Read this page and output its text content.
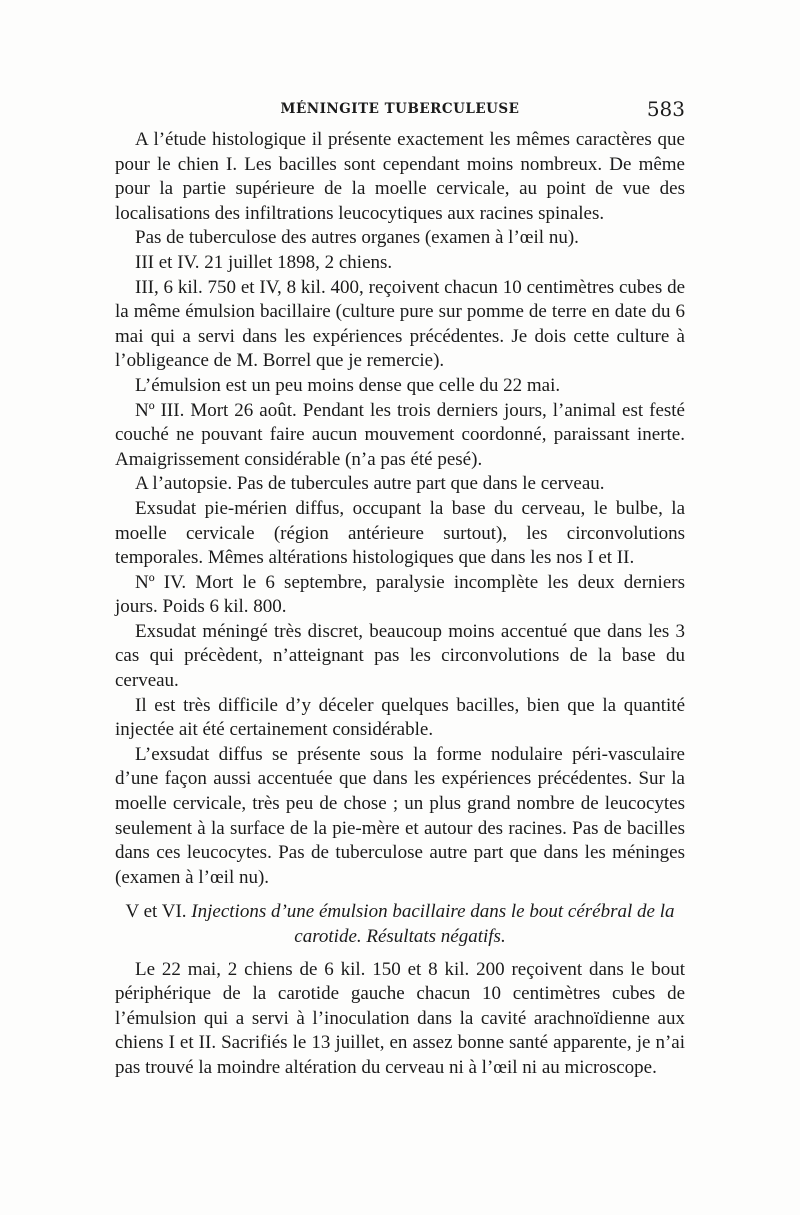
MÉNINGITE TUBERCULEUSE	583

A l’étude histologique il présente exactement les mêmes caractères que pour le chien I. Les bacilles sont cependant moins nombreux. De même pour la partie supérieure de la moelle cervicale, au point de vue des localisations des infiltrations leucocytiques aux racines spinales.

Pas de tuberculose des autres organes (examen à l’œil nu).

III et IV. 21 juillet 1898, 2 chiens.

III, 6 kil. 750 et IV, 8 kil. 400, reçoivent chacun 10 centimètres cubes de la même émulsion bacillaire (culture pure sur pomme de terre en date du 6 mai qui a servi dans les expériences précédentes. Je dois cette culture à l’obligeance de M. Borrel que je remercie).

L’émulsion est un peu moins dense que celle du 22 mai.

Nº III. Mort 26 août. Pendant les trois derniers jours, l’animal est festé couché ne pouvant faire aucun mouvement coordonné, paraissant inerte. Amaigrissement considérable (n’a pas été pesé).

A l’autopsie. Pas de tubercules autre part que dans le cerveau.

Exsudat pie-mérien diffus, occupant la base du cerveau, le bulbe, la moelle cervicale (région antérieure surtout), les circonvolutions temporales. Mêmes altérations histologiques que dans les nos I et II.

Nº IV. Mort le 6 septembre, paralysie incomplète les deux derniers jours. Poids 6 kil. 800.

Exsudat méningé très discret, beaucoup moins accentué que dans les 3 cas qui précèdent, n’atteignant pas les circonvolutions de la base du cerveau.

Il est très difficile d’y déceler quelques bacilles, bien que la quantité injectée ait été certainement considérable.

L’exsudat diffus se présente sous la forme nodulaire péri-vasculaire d’une façon aussi accentuée que dans les expériences précédentes. Sur la moelle cervicale, très peu de chose ; un plus grand nombre de leucocytes seulement à la surface de la pie-mère et autour des racines. Pas de bacilles dans ces leucocytes. Pas de tuberculose autre part que dans les méninges (examen à l’œil nu).

V et VI. Injections d’une émulsion bacillaire dans le bout cérébral de la carotide. Résultats négatifs.

Le 22 mai, 2 chiens de 6 kil. 150 et 8 kil. 200 reçoivent dans le bout périphérique de la carotide gauche chacun 10 centimètres cubes de l’émulsion qui a servi à l’inoculation dans la cavité arachnoïdienne aux chiens I et II. Sacrifiés le 13 juillet, en assez bonne santé apparente, je n’ai pas trouvé la moindre altération du cerveau ni à l’œil ni au microscope.
